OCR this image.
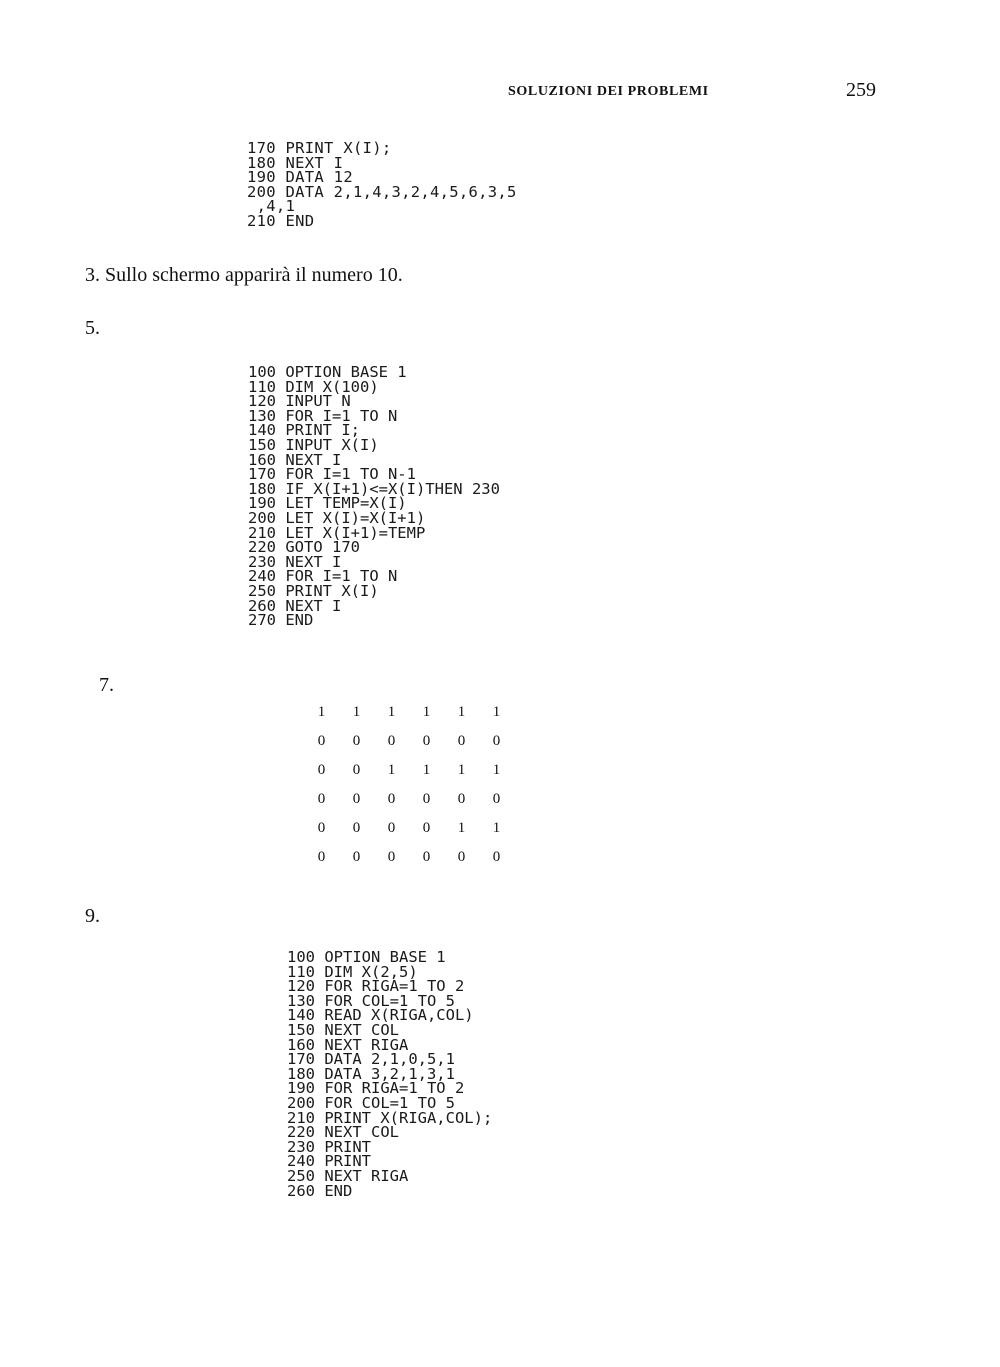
SOLUZIONI DEI PROBLEMI	259
170 PRINT X(I);
180 NEXT I
190 DATA 12
200 DATA 2,1,4,3,2,4,5,6,3,5
,4,1
210 END
3. Sullo schermo apparirà il numero 10.
5.
100 OPTION BASE 1
110 DIM X(100)
120 INPUT N
130 FOR I=1 TO N
140 PRINT I;
150 INPUT X(I)
160 NEXT I
170 FOR I=1 TO N-1
180 IF X(I+1)<=X(I)THEN 230
190 LET TEMP=X(I)
200 LET X(I)=X(I+1)
210 LET X(I+1)=TEMP
220 GOTO 170
230 NEXT I
240 FOR I=1 TO N
250 PRINT X(I)
260 NEXT I
270 END
7.
1 1 1 1 1 1
0 0 0 0 0 0
0 0 1 1 1 1
0 0 0 0 0 0
0 0 0 0 1 1
0 0 0 0 0 0
9.
100 OPTION BASE 1
110 DIM X(2,5)
120 FOR RIGA=1 TO 2
130 FOR COL=1 TO 5
140 READ X(RIGA,COL)
150 NEXT COL
160 NEXT RIGA
170 DATA 2,1,0,5,1
180 DATA 3,2,1,3,1
190 FOR RIGA=1 TO 2
200 FOR COL=1 TO 5
210 PRINT X(RIGA,COL);
220 NEXT COL
230 PRINT
240 PRINT
250 NEXT RIGA
260 END
